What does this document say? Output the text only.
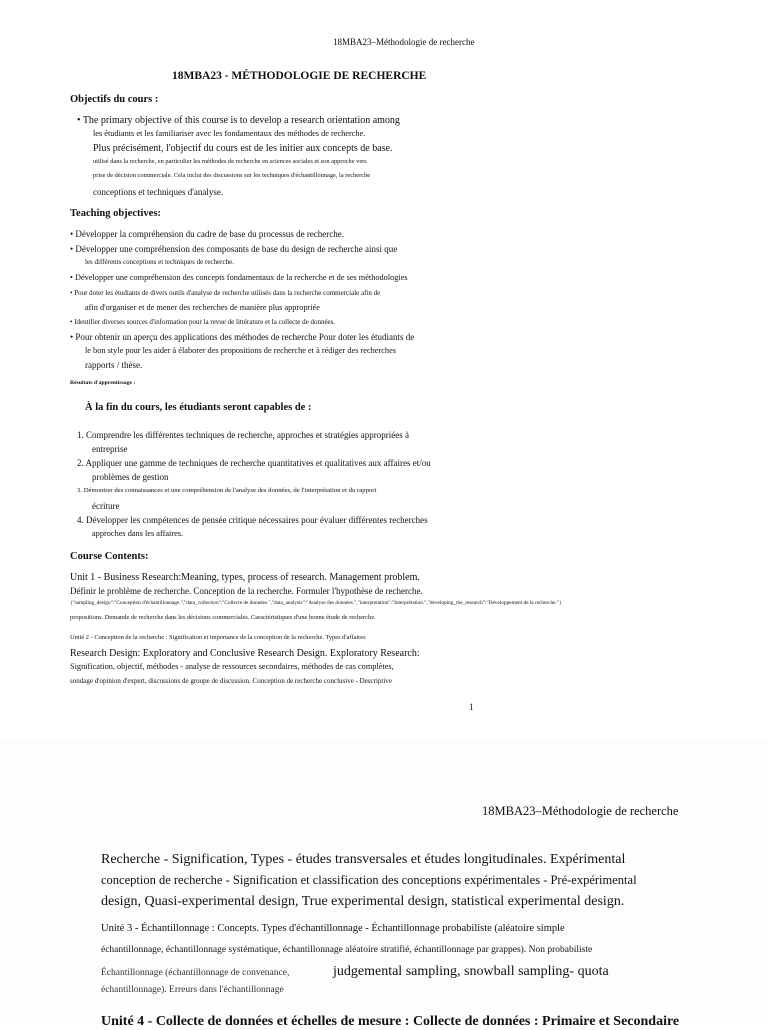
18MBA23–Méthodologie de recherche

18MBA23 - MÉTHODOLOGIE DE RECHERCHE

Objectifs du cours :

• The primary objective of this course is to develop a research orientation among

les étudiants et les familiariser avec les fondamentaux des méthodes de recherche.

Plus précisément, l'objectif du cours est de les initier aux concepts de base.

utilisé dans la recherche, en particulier les méthodes de recherche en sciences sociales et son approche vers

prise de décision commerciale. Cela inclut des discussions sur les techniques d'échantillonnage, la recherche

conceptions et techniques d'analyse.

Teaching objectives:

• Développer la compréhension du cadre de base du processus de recherche.

• Développer une compréhension des composants de base du design de recherche ainsi que

les différents conceptions et techniques de recherche.

• Développer une compréhension des concepts fondamentaux de la recherche et de ses méthodologies

• Pour doter les étudiants de divers outils d'analyse de recherche utilisés dans la recherche commerciale afin de

afin d'organiser et de mener des recherches de manière plus appropriée

• Identifier diverses sources d'information pour la revue de littérature et la collecte de données.

• Pour obtenir un aperçu des applications des méthodes de recherche Pour doter les étudiants de

le bon style pour les aider à élaborer des propositions de recherche et à rédiger des recherches

rapports / thèse.

Résultats d'apprentissage :

À la fin du cours, les étudiants seront capables de :

1. Comprendre les différentes techniques de recherche, approches et stratégies appropriées à

entreprise

2. Appliquer une gamme de techniques de recherche quantitatives et qualitatives aux affaires et/ou

problèmes de gestion

3. Démontrer des connaissances et une compréhension de l'analyse des données, de l'interprétation et du rapport

écriture

4. Développer les compétences de pensée critique nécessaires pour évaluer différentes recherches

approches dans les affaires.

Course Contents:

Unit 1 - Business Research:Meaning, types, process of research. Management problem.

Définir le problème de recherche. Conception de la recherche. Formuler l'hypothèse de recherche.

{"sampling_design":"Conception d'échantillonnage.","data_collection":"Collecte de données.","data_analysis":"Analyse des données.","interpretation":"Interprétation.","developing_the_research":"Développement de la recherche."}

propositions. Demande de recherche dans les décisions commerciales. Caractéristiques d'une bonne étude de recherche.

Unité 2 - Conception de la recherche : Signification et importance de la conception de la recherche. Types d'affaires

Research Design: Exploratory and Conclusive Research Design. Exploratory Research:

Signification, objectif, méthodes - analyse de ressources secondaires, méthodes de cas complètes,

sondage d'opinion d'expert, discussions de groupe de discussion. Conception de recherche conclusive - Descriptive

1

18MBA23–Méthodologie de recherche

Recherche - Signification, Types - études transversales et études longitudinales. Expérimental

conception de recherche - Signification et classification des conceptions expérimentales - Pré-expérimental

design, Quasi-experimental design, True experimental design, statistical experimental design.

Unité 3 - Échantillonnage : Concepts. Types d'échantillonnage - Échantillonnage probabiliste (aléatoire simple

échantillonnage, échantillonnage systématique, échantillonnage aléatoire stratifié, échantillonnage par grappes). Non probabiliste

Échantillonnage (échantillonnage de convenance,	judgemental sampling, snowball sampling- quota

échantillonnage). Erreurs dans l'échantillonnage

Unité 4 - Collecte de données et échelles de mesure : Collecte de données : Primaire et Secondaire
